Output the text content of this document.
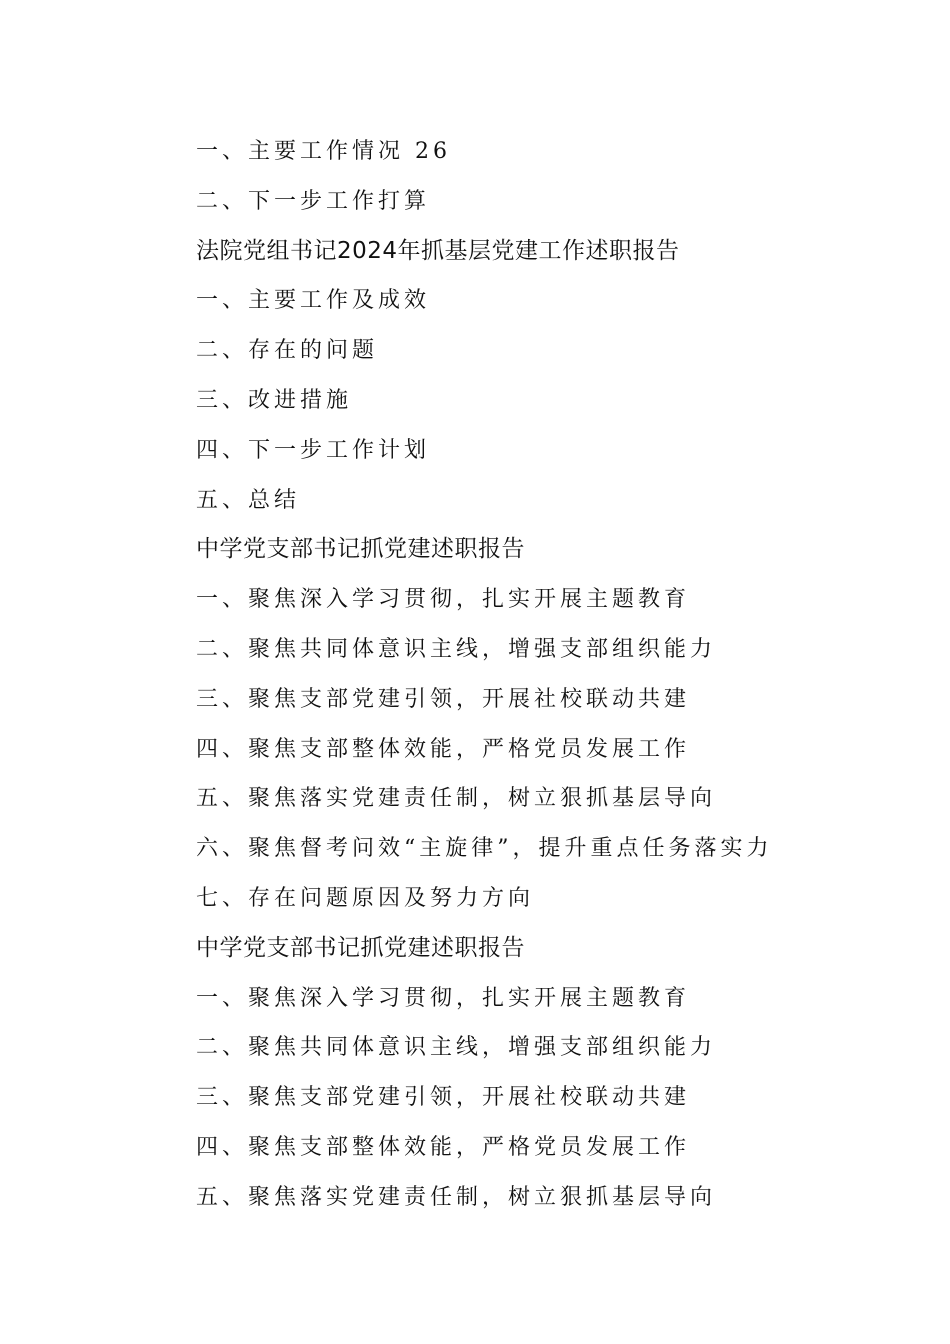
一、主要工作情况 26
二、下一步工作打算
法院党组书记2024年抓基层党建工作述职报告
一、主要工作及成效
二、存在的问题
三、改进措施
四、下一步工作计划
五、总结
中学党支部书记抓党建述职报告
一、聚焦深入学习贯彻，扎实开展主题教育
二、聚焦共同体意识主线，增强支部组织能力
三、聚焦支部党建引领，开展社校联动共建
四、聚焦支部整体效能，严格党员发展工作
五、聚焦落实党建责任制，树立狠抓基层导向
六、聚焦督考问效“主旋律”，提升重点任务落实力
七、存在问题原因及努力方向
中学党支部书记抓党建述职报告
一、聚焦深入学习贯彻，扎实开展主题教育
二、聚焦共同体意识主线，增强支部组织能力
三、聚焦支部党建引领，开展社校联动共建
四、聚焦支部整体效能，严格党员发展工作
五、聚焦落实党建责任制，树立狠抓基层导向
